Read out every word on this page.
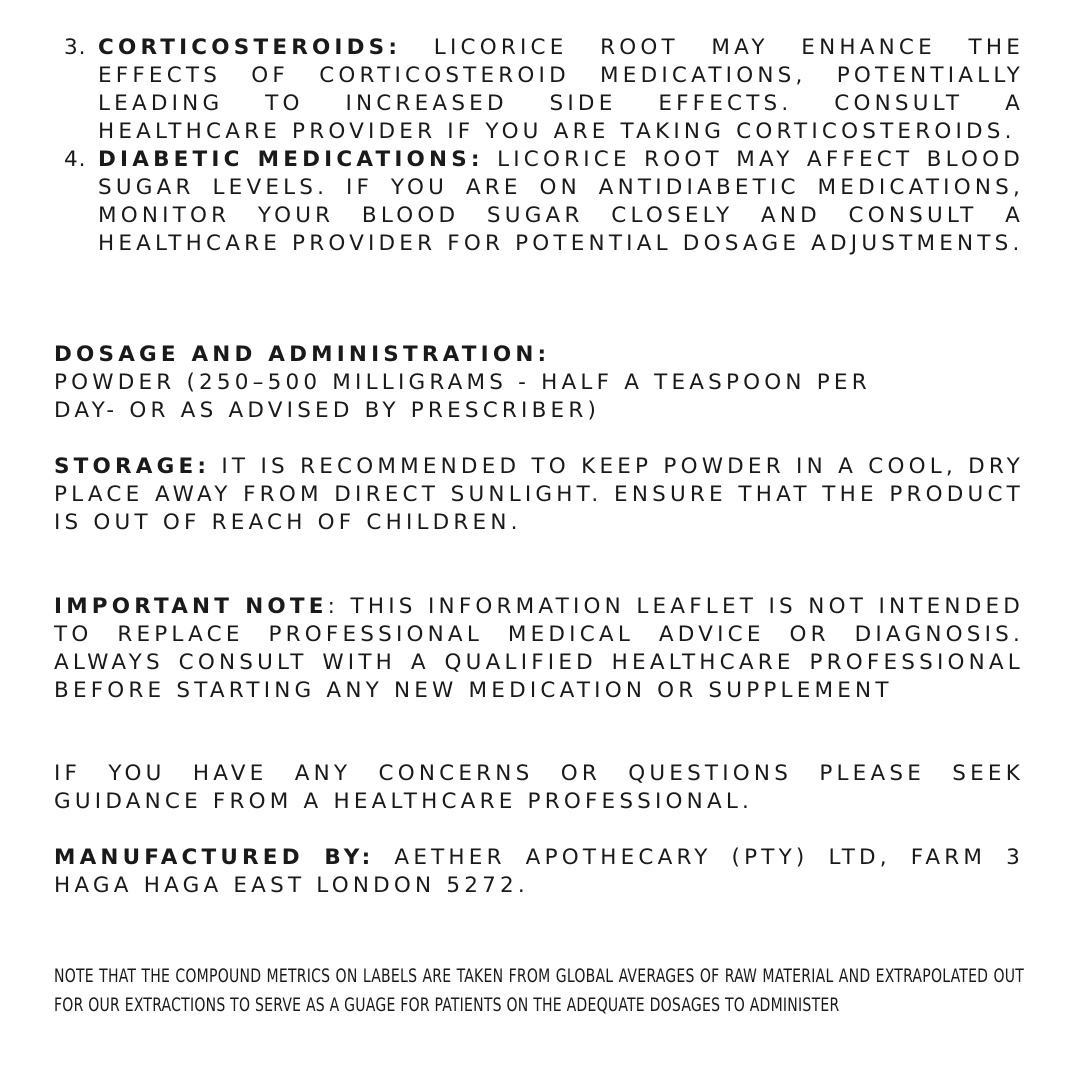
3. CORTICOSTEROIDS: LICORICE ROOT MAY ENHANCE THE EFFECTS OF CORTICOSTEROID MEDICATIONS, POTENTIALLY LEADING TO INCREASED SIDE EFFECTS. CONSULT A HEALTHCARE PROVIDER IF YOU ARE TAKING CORTICOSTEROIDS.

4. DIABETIC MEDICATIONS: LICORICE ROOT MAY AFFECT BLOOD SUGAR LEVELS. IF YOU ARE ON ANTIDIABETIC MEDICATIONS, MONITOR YOUR BLOOD SUGAR CLOSELY AND CONSULT A HEALTHCARE PROVIDER FOR POTENTIAL DOSAGE ADJUSTMENTS.

DOSAGE AND ADMINISTRATION:

POWDER (250–500 MILLIGRAMS - HALF A TEASPOON PER

DAY- OR AS ADVISED BY PRESCRIBER)

STORAGE: IT IS RECOMMENDED TO KEEP POWDER IN A COOL, DRY PLACE AWAY FROM DIRECT SUNLIGHT. ENSURE THAT THE PRODUCT IS OUT OF REACH OF CHILDREN.

IMPORTANT NOTE: THIS INFORMATION LEAFLET IS NOT INTENDED TO REPLACE PROFESSIONAL MEDICAL ADVICE OR DIAGNOSIS. ALWAYS CONSULT WITH A QUALIFIED HEALTHCARE PROFESSIONAL BEFORE STARTING ANY NEW MEDICATION OR SUPPLEMENT

IF YOU HAVE ANY CONCERNS OR QUESTIONS PLEASE SEEK GUIDANCE FROM A HEALTHCARE PROFESSIONAL.

MANUFACTURED BY: AETHER APOTHECARY (PTY) LTD, FARM 3 HAGA HAGA EAST LONDON 5272.

NOTE THAT THE COMPOUND METRICS ON LABELS ARE TAKEN FROM GLOBAL AVERAGES OF RAW MATERIAL AND EXTRAPOLATED OUT FOR OUR EXTRACTIONS TO SERVE AS A GUAGE FOR PATIENTS ON THE ADEQUATE DOSAGES TO ADMINISTER
